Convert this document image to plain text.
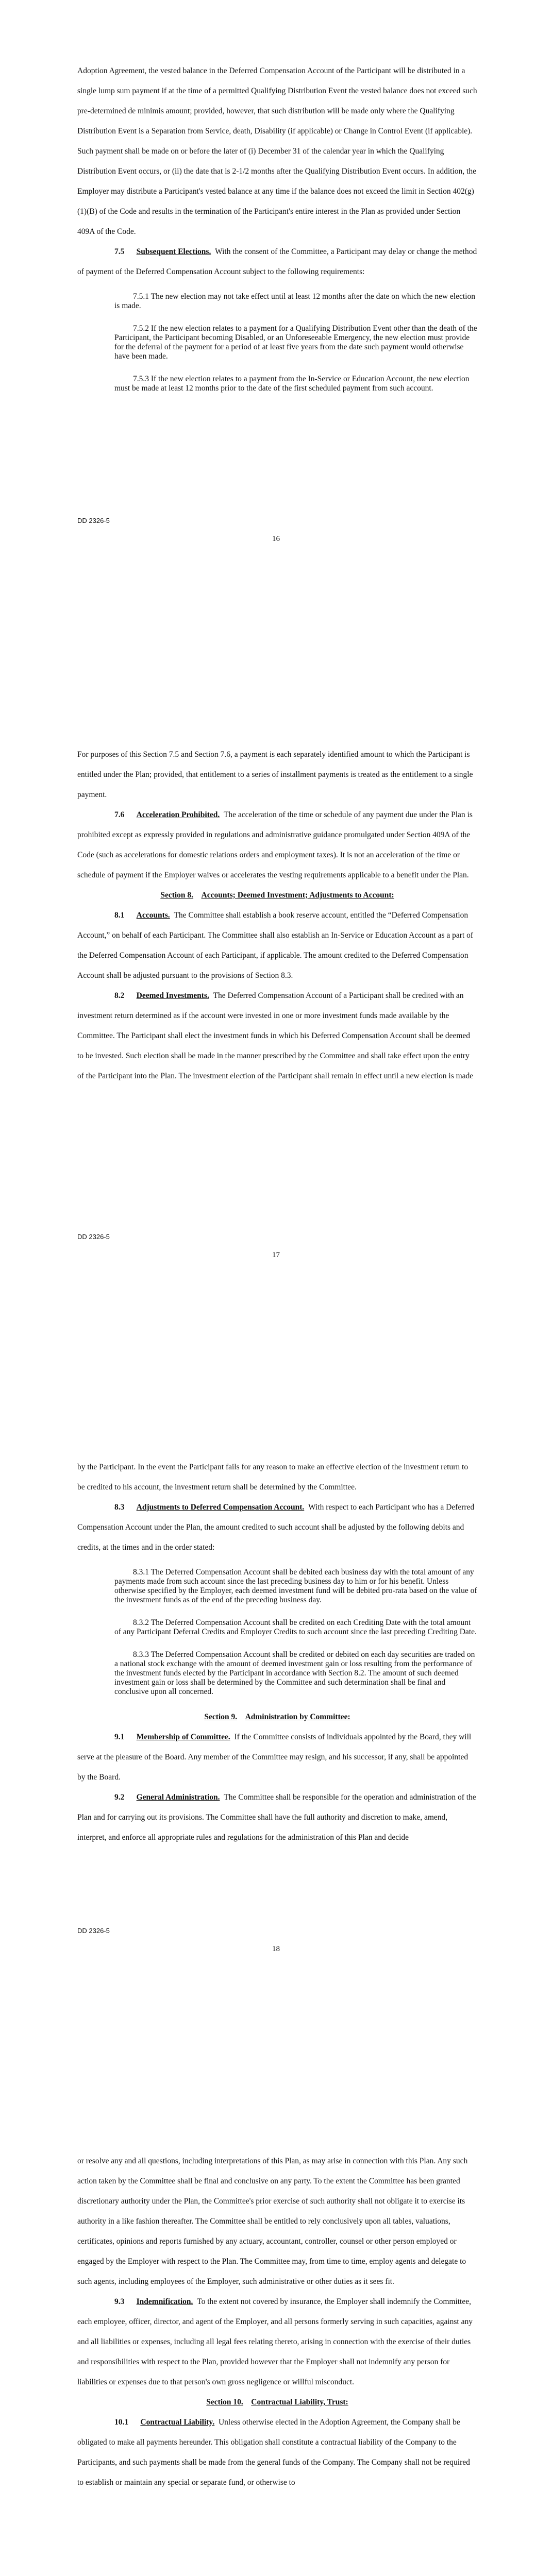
Adoption Agreement, the vested balance in the Deferred Compensation Account of the Participant will be distributed in a single lump sum payment if at the time of a permitted Qualifying Distribution Event the vested balance does not exceed such pre-determined de minimis amount; provided, however, that such distribution will be made only where the Qualifying Distribution Event is a Separation from Service, death, Disability (if applicable) or Change in Control Event (if applicable). Such payment shall be made on or before the later of (i) December 31 of the calendar year in which the Qualifying Distribution Event occurs, or (ii) the date that is 2-1/2 months after the Qualifying Distribution Event occurs. In addition, the Employer may distribute a Participant's vested balance at any time if the balance does not exceed the limit in Section 402(g)(1)(B) of the Code and results in the termination of the Participant's entire interest in the Plan as provided under Section 409A of the Code.

7.5 Subsequent Elections. With the consent of the Committee, a Participant may delay or change the method of payment of the Deferred Compensation Account subject to the following requirements:

7.5.1 The new election may not take effect until at least 12 months after the date on which the new election is made.

7.5.2 If the new election relates to a payment for a Qualifying Distribution Event other than the death of the Participant, the Participant becoming Disabled, or an Unforeseeable Emergency, the new election must provide for the deferral of the payment for a period of at least five years from the date such payment would otherwise have been made.

7.5.3 If the new election relates to a payment from the In-Service or Education Account, the new election must be made at least 12 months prior to the date of the first scheduled payment from such account.

DD 2326-5
16

For purposes of this Section 7.5 and Section 7.6, a payment is each separately identified amount to which the Participant is entitled under the Plan; provided, that entitlement to a series of installment payments is treated as the entitlement to a single payment.

7.6 Acceleration Prohibited. The acceleration of the time or schedule of any payment due under the Plan is prohibited except as expressly provided in regulations and administrative guidance promulgated under Section 409A of the Code (such as accelerations for domestic relations orders and employment taxes). It is not an acceleration of the time or schedule of payment if the Employer waives or accelerates the vesting requirements applicable to a benefit under the Plan.

Section 8. Accounts; Deemed Investment; Adjustments to Account:

8.1 Accounts. The Committee shall establish a book reserve account, entitled the “Deferred Compensation Account,” on behalf of each Participant. The Committee shall also establish an In-Service or Education Account as a part of the Deferred Compensation Account of each Participant, if applicable. The amount credited to the Deferred Compensation Account shall be adjusted pursuant to the provisions of Section 8.3.

8.2 Deemed Investments. The Deferred Compensation Account of a Participant shall be credited with an investment return determined as if the account were invested in one or more investment funds made available by the Committee. The Participant shall elect the investment funds in which his Deferred Compensation Account shall be deemed to be invested. Such election shall be made in the manner prescribed by the Committee and shall take effect upon the entry of the Participant into the Plan. The investment election of the Participant shall remain in effect until a new election is made

DD 2326-5
17

by the Participant. In the event the Participant fails for any reason to make an effective election of the investment return to be credited to his account, the investment return shall be determined by the Committee.

8.3 Adjustments to Deferred Compensation Account. With respect to each Participant who has a Deferred Compensation Account under the Plan, the amount credited to such account shall be adjusted by the following debits and credits, at the times and in the order stated:

8.3.1 The Deferred Compensation Account shall be debited each business day with the total amount of any payments made from such account since the last preceding business day to him or for his benefit. Unless otherwise specified by the Employer, each deemed investment fund will be debited pro-rata based on the value of the investment funds as of the end of the preceding business day.

8.3.2 The Deferred Compensation Account shall be credited on each Crediting Date with the total amount of any Participant Deferral Credits and Employer Credits to such account since the last preceding Crediting Date.

8.3.3 The Deferred Compensation Account shall be credited or debited on each day securities are traded on a national stock exchange with the amount of deemed investment gain or loss resulting from the performance of the investment funds elected by the Participant in accordance with Section 8.2. The amount of such deemed investment gain or loss shall be determined by the Committee and such determination shall be final and conclusive upon all concerned.

Section 9. Administration by Committee:

9.1 Membership of Committee. If the Committee consists of individuals appointed by the Board, they will serve at the pleasure of the Board. Any member of the Committee may resign, and his successor, if any, shall be appointed by the Board.

9.2 General Administration. The Committee shall be responsible for the operation and administration of the Plan and for carrying out its provisions. The Committee shall have the full authority and discretion to make, amend, interpret, and enforce all appropriate rules and regulations for the administration of this Plan and decide

DD 2326-5
18

or resolve any and all questions, including interpretations of this Plan, as may arise in connection with this Plan. Any such action taken by the Committee shall be final and conclusive on any party. To the extent the Committee has been granted discretionary authority under the Plan, the Committee's prior exercise of such authority shall not obligate it to exercise its authority in a like fashion thereafter. The Committee shall be entitled to rely conclusively upon all tables, valuations, certificates, opinions and reports furnished by any actuary, accountant, controller, counsel or other person employed or engaged by the Employer with respect to the Plan. The Committee may, from time to time, employ agents and delegate to such agents, including employees of the Employer, such administrative or other duties as it sees fit.

9.3 Indemnification. To the extent not covered by insurance, the Employer shall indemnify the Committee, each employee, officer, director, and agent of the Employer, and all persons formerly serving in such capacities, against any and all liabilities or expenses, including all legal fees relating thereto, arising in connection with the exercise of their duties and responsibilities with respect to the Plan, provided however that the Employer shall not indemnify any person for liabilities or expenses due to that person's own gross negligence or willful misconduct.

Section 10. Contractual Liability, Trust:

10.1 Contractual Liability. Unless otherwise elected in the Adoption Agreement, the Company shall be obligated to make all payments hereunder. This obligation shall constitute a contractual liability of the Company to the Participants, and such payments shall be made from the general funds of the Company. The Company shall not be required to establish or maintain any special or separate fund, or otherwise to
